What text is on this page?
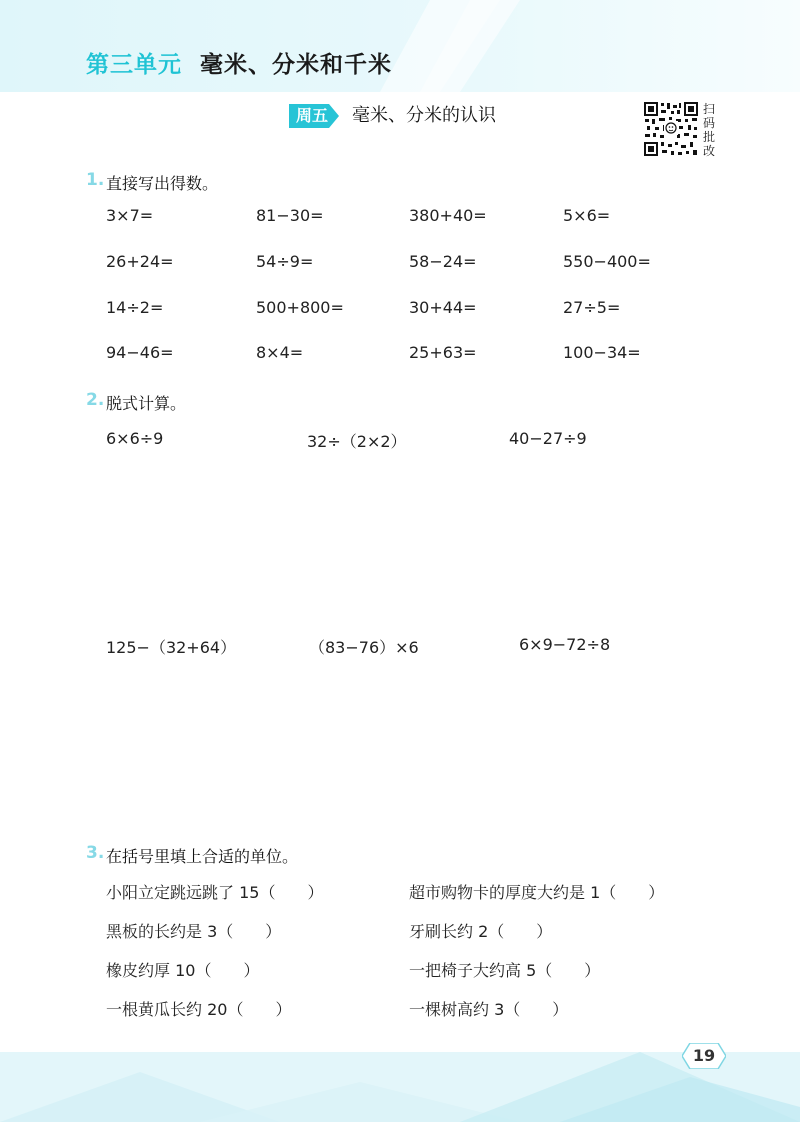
第三单元 毫米、分米和千米
周五 毫米、分米的认识	扫码批改
1. 直接写出得数。
3×7=	81−30=	380+40=	5×6=
26+24=	54÷9=	58−24=	550−400=
14÷2=	500+800=	30+44=	27÷5=
94−46=	8×4=	25+63=	100−34=
2. 脱式计算。
6×6÷9	32÷（2×2）	40−27÷9
125−（32+64）	（83−76）×6	6×9−72÷8
3. 在括号里填上合适的单位。
小阳立定跳远跳了 15（　　）
黑板的长约是 3（　　）
橡皮约厚 10（　　）
一根黄瓜长约 20（　　）
超市购物卡的厚度大约是 1（　　）
牙刷长约 2（　　）
一把椅子大约高 5（　　）
一棵树高约 3（　　）
19
